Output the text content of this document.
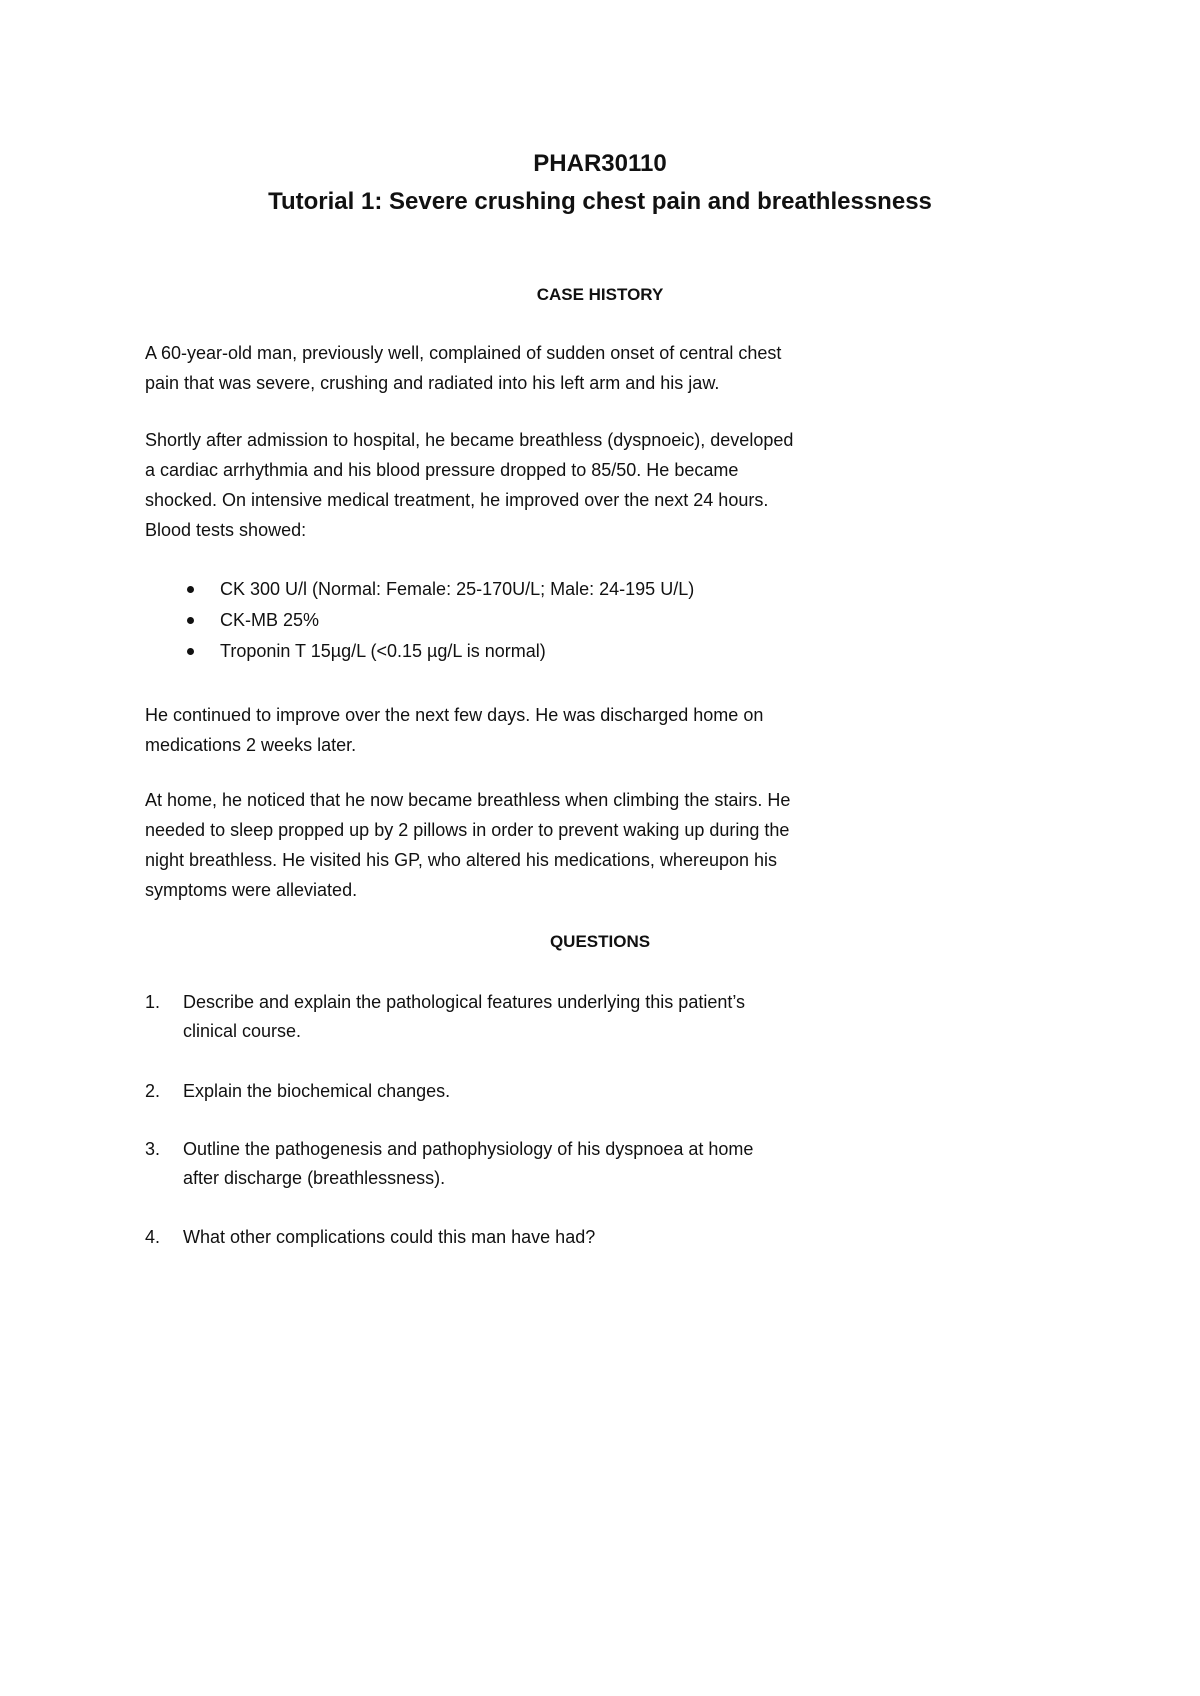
PHAR30110
Tutorial 1: Severe crushing chest pain and breathlessness
CASE HISTORY

A 60-year-old man, previously well, complained of sudden onset of central chest
pain that was severe, crushing and radiated into his left arm and his jaw.

Shortly after admission to hospital, he became breathless (dyspnoeic), developed
a cardiac arrhythmia and his blood pressure dropped to 85/50. He became
shocked. On intensive medical treatment, he improved over the next 24 hours.
Blood tests showed:

CK 300 U/l (Normal: Female: 25-170U/L; Male: 24-195 U/L)
CK-MB 25%
Troponin T 15µg/L (<0.15 µg/L is normal)

He continued to improve over the next few days. He was discharged home on
medications 2 weeks later.

At home, he noticed that he now became breathless when climbing the stairs. He
needed to sleep propped up by 2 pillows in order to prevent waking up during the
night breathless. He visited his GP, who altered his medications, whereupon his
symptoms were alleviated.

QUESTIONS
1. Describe and explain the pathological features underlying this patient’s
clinical course.
2. Explain the biochemical changes.
3. Outline the pathogenesis and pathophysiology of his dyspnoea at home
after discharge (breathlessness).
4. What other complications could this man have had?
